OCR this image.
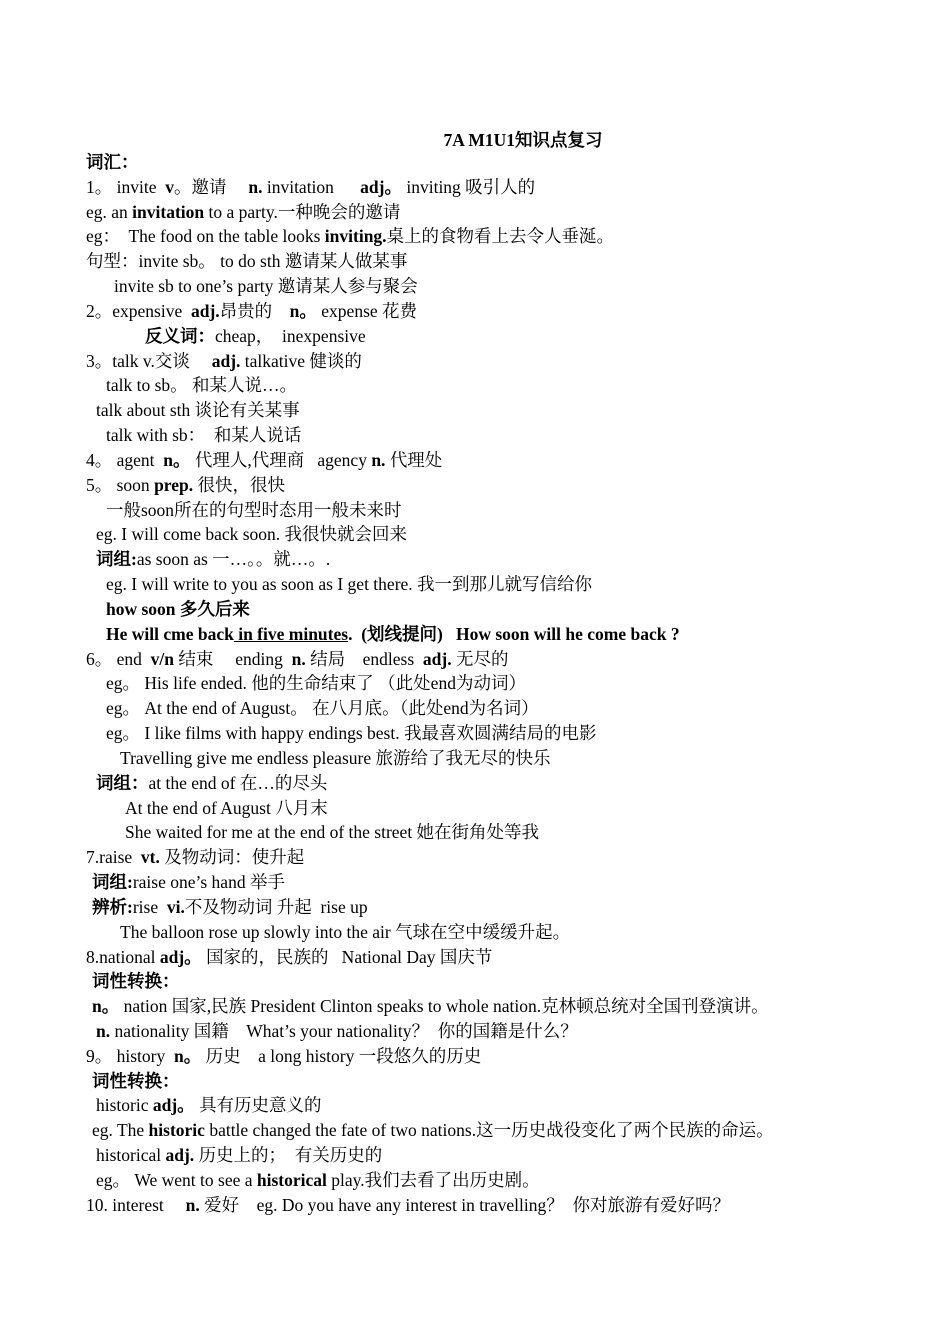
7A M1U1知识点复习
词汇：
1。 invite  v。邀请     n. invitation      adj。 inviting 吸引人的
eg. an invitation to a party.一种晚会的邀请
eg：  The food on the table looks inviting.桌上的食物看上去令人垂涎。
句型：invite sb。 to do sth 邀请某人做某事
invite sb to one’s party 邀请某人参与聚会
2。expensive  adj.昂贵的    n。 expense 花费
反义词：cheap，  inexpensive
3。talk v.交谈     adj. talkative 健谈的
talk to sb。 和某人说…。
talk about sth 谈论有关某事
talk with sb：  和某人说话
4。 agent  n。 代理人,代理商   agency n. 代理处
5。 soon prep. 很快，很快
一般soon所在的句型时态用一般未来时
eg. I will come back soon. 我很快就会回来
词组:as soon as 一…。。就…。.
eg. I will write to you as soon as I get there. 我一到那儿就写信给你
how soon 多久后来
He will cme back in five minutes.  (划线提问)   How soon will he come back ?
6。 end  v/n 结束     ending  n. 结局    endless  adj. 无尽的
eg。 His life ended. 他的生命结束了 （此处end为动词）
eg。 At the end of August。 在八月底。（此处end为名词）
eg。 I like films with happy endings best. 我最喜欢圆满结局的电影
Travelling give me endless pleasure 旅游给了我无尽的快乐
词组：at the end of 在…的尽头
At the end of August 八月末
She waited for me at the end of the street 她在街角处等我
7.raise  vt. 及物动词：使升起
词组:raise one’s hand 举手
辨析:rise  vi.不及物动词 升起  rise up
The balloon rose up slowly into the air 气球在空中缓缓升起。
8.national adj。 国家的，民族的   National Day 国庆节
词性转换：
n。 nation 国家,民族 President Clinton speaks to whole nation.克林顿总统对全国刊登演讲。
n. nationality 国籍    What’s your nationality？  你的国籍是什么？
9。 history  n。 历史    a long history 一段悠久的历史
词性转换：
historic adj。 具有历史意义的
eg. The historic battle changed the fate of two nations.这一历史战役变化了两个民族的命运。
historical adj. 历史上的；  有关历史的
eg。 We went to see a historical play.我们去看了出历史剧。
10. interest     n. 爱好    eg. Do you have any interest in travelling？  你对旅游有爱好吗？
